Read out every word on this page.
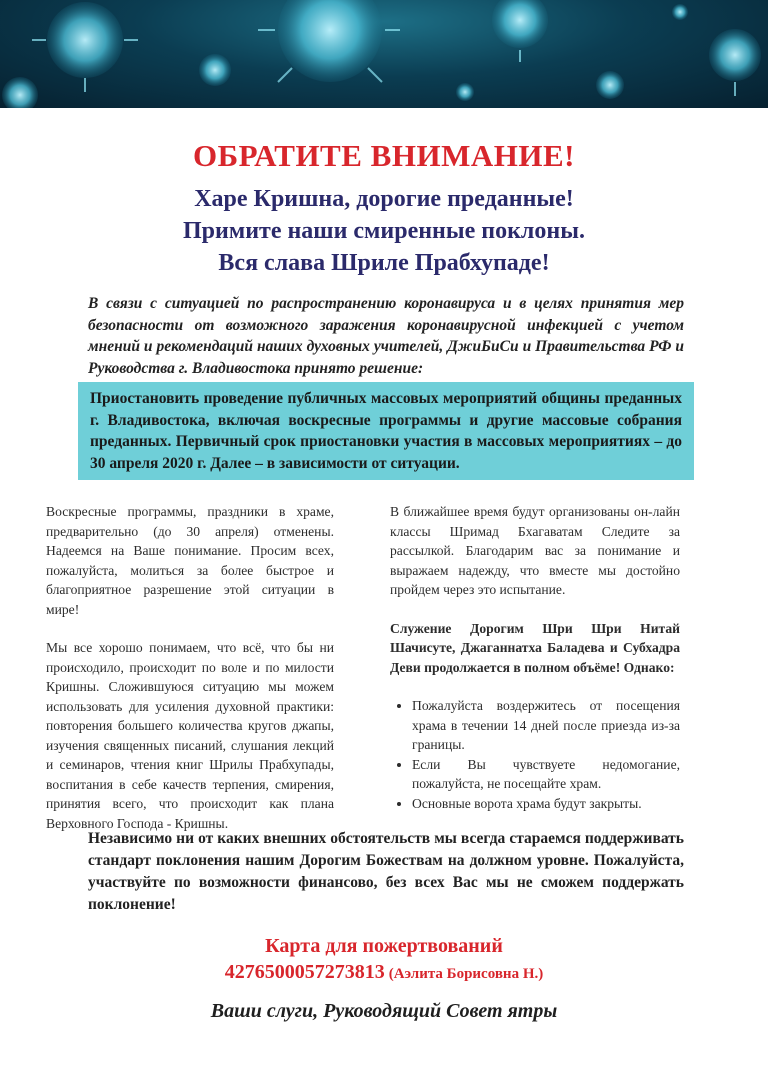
ОБРАТИТЕ ВНИМАНИЕ!
Харе Кришна, дорогие преданные!
Примите наши смиренные поклоны.
Вся слава Шриле Прабхупаде!
В связи с ситуацией по распространению коронавируса и в целях принятия мер безопасности от возможного заражения коронавирусной инфекцией с учетом мнений и рекомендаций наших духовных учителей, ДжиБиСи и Правительства РФ и Руководства г. Владивостока принято решение:
Приостановить проведение публичных массовых мероприятий общины преданных г. Владивостока, включая воскресные программы и другие массовые собрания преданных. Первичный срок приостановки участия в массовых мероприятиях – до 30 апреля 2020 г. Далее – в зависимости от ситуации.

Воскресные программы, праздники в храме, предварительно (до 30 апреля) отменены. Надеемся на Ваше понимание. Просим всех, пожалуйста, молиться за более быстрое и благоприятное разрешение этой ситуации в мире!

Мы все хорошо понимаем, что всё, что бы ни происходило, происходит по воле и по милости Кришны. Сложившуюся ситуацию мы можем использовать для усиления духовной практики: повторения большего количества кругов джапы, изучения священных писаний, слушания лекций и семинаров, чтения книг Шрилы Прабхупады, воспитания в себе качеств терпения, смирения, принятия всего, что происходит как плана Верховного Господа - Кришны.

В ближайшее время будут организованы он-лайн классы Шримад Бхагаватам Следите за рассылкой. Благодарим вас за понимание и выражаем надежду, что вместе мы достойно пройдем через это испытание.

Служение Дорогим Шри Шри Нитай Шачисуте, Джаганнатха Баладева и Субхадра Деви продолжается в полном объёме! Однако:

• Пожалуйста воздержитесь от посещения храма в течении 14 дней после приезда из-за границы.
• Если Вы чувствуете недомогание, пожалуйста, не посещайте храм.
• Основные ворота храма будут закрыты.
Независимо ни от каких внешних обстоятельств мы всегда стараемся поддерживать стандарт поклонения нашим Дорогим Божествам на должном уровне. Пожалуйста, участвуйте по возможности финансово, без всех Вас мы не сможем поддержать поклонение!
Карта для пожертвований
4276500057273813 (Аэлита Борисовна Н.)
Ваши слуги, Руководящий Совет ятры
